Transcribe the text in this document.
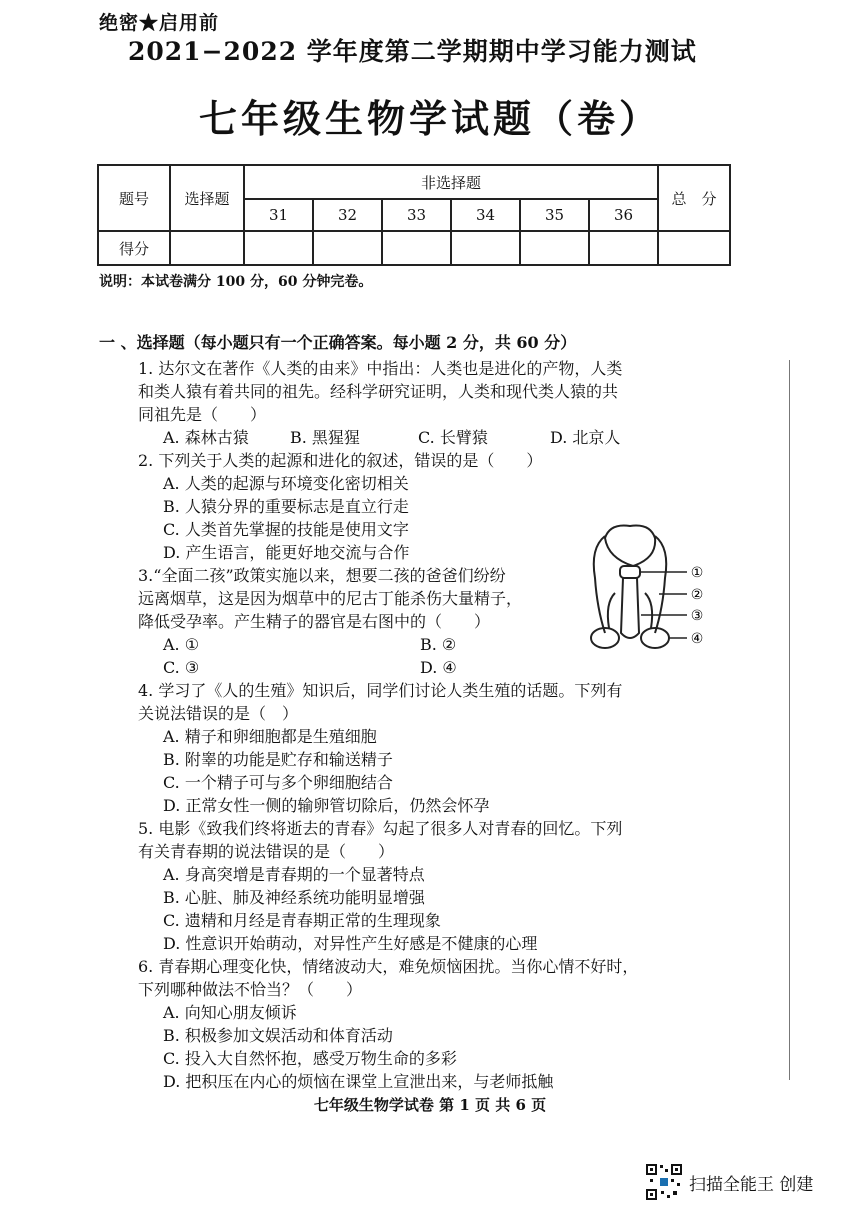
绝密★启用前
2021−2022 学年度第二学期期中学习能力测试
七年级生物学试题（卷）
题号	选择题	非选择题						总　分
		31	32	33	34	35	36	
得分								
说明：本试卷满分 100 分，60 分钟完卷。
一 、选择题（每小题只有一个正确答案。每小题 2 分，共 60 分）
1. 达尔文在著作《人类的由来》中指出：人类也是进化的产物，人类
和类人猿有着共同的祖先。经科学研究证明，人类和现代类人猿的共
同祖先是（　　）
A. 森林古猿	B. 黑猩猩	C. 长臂猿	D. 北京人
2. 下列关于人类的起源和进化的叙述，错误的是（　　）
A. 人类的起源与环境变化密切相关
B. 人猿分界的重要标志是直立行走
C. 人类首先掌握的技能是使用文字
D. 产生语言，能更好地交流与合作
3.“全面二孩”政策实施以来，想要二孩的爸爸们纷纷
远离烟草，这是因为烟草中的尼古丁能杀伤大量精子，
降低受孕率。产生精子的器官是右图中的（　　）
A. ①	B. ②
C. ③	D. ④
①
②
③
④
4. 学习了《人的生殖》知识后，同学们讨论人类生殖的话题。下列有
关说法错误的是（　）
A. 精子和卵细胞都是生殖细胞
B. 附睾的功能是贮存和输送精子
C. 一个精子可与多个卵细胞结合
D. 正常女性一侧的输卵管切除后，仍然会怀孕
5. 电影《致我们终将逝去的青春》勾起了很多人对青春的回忆。下列
有关青春期的说法错误的是（　　）
A. 身高突增是青春期的一个显著特点
B. 心脏、肺及神经系统功能明显增强
C. 遗精和月经是青春期正常的生理现象
D. 性意识开始萌动，对异性产生好感是不健康的心理
6. 青春期心理变化快，情绪波动大，难免烦恼困扰。当你心情不好时，
下列哪种做法不恰当？（　　）
A. 向知心朋友倾诉
B. 积极参加文娱活动和体育活动
C. 投入大自然怀抱，感受万物生命的多彩
D. 把积压在内心的烦恼在课堂上宣泄出来，与老师抵触
七年级生物学试卷 第 1 页 共 6 页
扫描全能王 创建
